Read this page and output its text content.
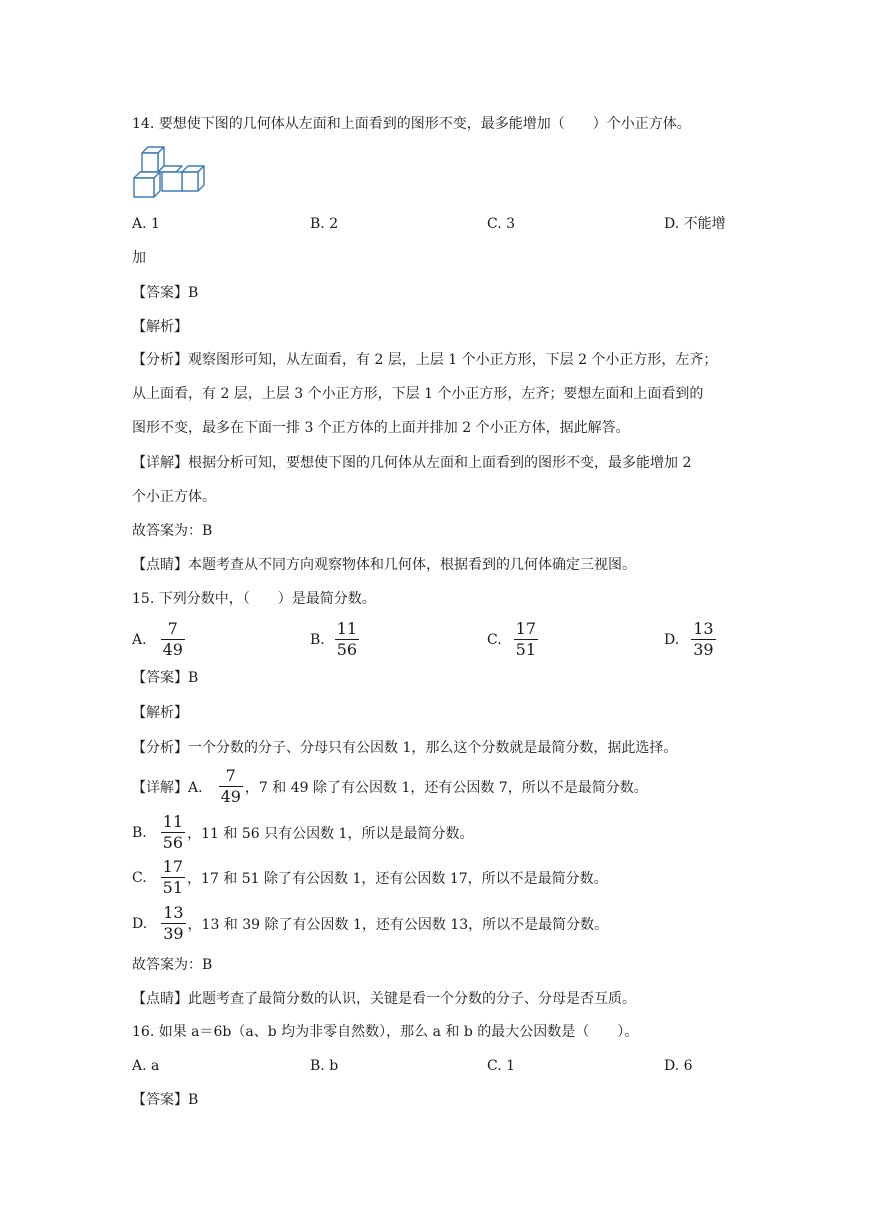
14. 要想使下图的几何体从左面和上面看到的图形不变，最多能增加（　　）个小正方体。
A. 1	B. 2	C. 3	D. 不能增
加
【答案】B
【解析】
【分析】观察图形可知，从左面看，有 2 层，上层 1 个小正方形，下层 2 个小正方形，左齐；
从上面看，有 2 层，上层 3 个小正方形，下层 1 个小正方形，左齐；要想左面和上面看到的
图形不变，最多在下面一排 3 个正方体的上面并排加 2 个小正方体，据此解答。
【详解】根据分析可知，要想使下图的几何体从左面和上面看到的图形不变，最多能增加 2
个小正方体。
故答案为：B
【点睛】本题考查从不同方向观察物体和几何体，根据看到的几何体确定三视图。
15. 下列分数中，（　　）是最简分数。
A. $\frac{7}{49}$	B. $\frac{11}{56}$	C. $\frac{17}{51}$	D. $\frac{13}{39}$
【答案】B
【解析】
【分析】一个分数的分子、分母只有公因数 1，那么这个分数就是最简分数，据此选择。
【详解】A. $\frac{7}{49}$ ，7 和 49 除了有公因数 1，还有公因数 7，所以不是最简分数。
B. $\frac{11}{56}$ ，11 和 56 只有公因数 1，所以是最简分数。
C. $\frac{17}{51}$ ，17 和 51 除了有公因数 1，还有公因数 17，所以不是最简分数。
D. $\frac{13}{39}$ ，13 和 39 除了有公因数 1，还有公因数 13，所以不是最简分数。
故答案为：B
【点睛】此题考查了最简分数的认识，关键是看一个分数的分子、分母是否互质。
16. 如果 a＝6b（a、b 均为非零自然数），那么 a 和 b 的最大公因数是（　　）。
A. a	B. b	C. 1	D. 6
【答案】B
